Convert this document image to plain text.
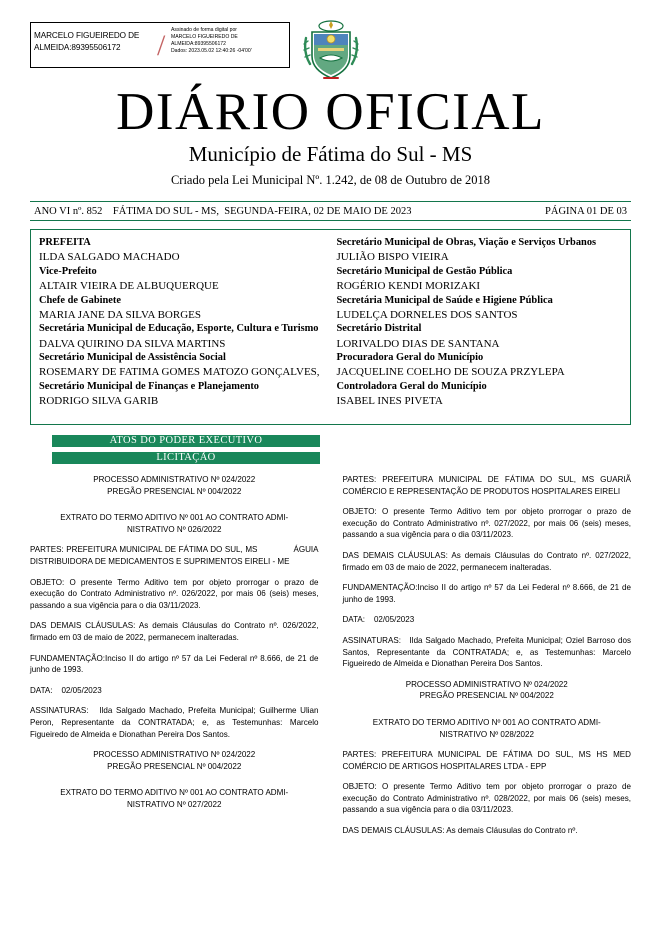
MARCELO FIGUEIREDO DE ALMEIDA:89395506172	/	Assinado de forma digital por
MARCELO FIGUEIREDO DE
ALMEIDA:89395506172
Dados: 2023.05.02 12:40:26 -04'00'
DIÁRIO OFICIAL
Município de Fátima do Sul - MS
Criado pela Lei Municipal Nº. 1.242, de 08 de Outubro de 2018
ANO VI nº. 852    FÁTIMA DO SUL - MS,  SEGUNDA-FEIRA, 02 DE MAIO DE 2023	PÁGINA 01 DE 03
PREFEITA
ILDA SALGADO MACHADO
Vice-Prefeito
ALTAIR VIEIRA DE ALBUQUERQUE
Chefe de Gabinete
MARIA JANE DA SILVA BORGES
Secretária Municipal de Educação, Esporte, Cultura e Turismo
DALVA QUIRINO DA SILVA MARTINS
Secretário Municipal de Assistência Social
ROSEMARY DE FATIMA GOMES MATOZO GONÇALVES,
Secretário Municipal de Finanças e Planejamento
RODRIGO SILVA GARIB
Secretário Municipal de Obras, Viação e Serviços Urbanos
JULIÃO BISPO VIEIRA
Secretário Municipal de Gestão Pública
ROGÉRIO KENDI MORIZAKI
Secretária Municipal de Saúde e Higiene Pública
LUDELÇA DORNELES DOS SANTOS
Secretário Distrital
LORIVALDO DIAS DE SANTANA
Procuradora Geral do Município
JACQUELINE COELHO DE SOUZA PRZYLEPA
Controladora Geral do Município
ISABEL INES PIVETA
ATOS DO PODER EXECUTIVO
LICITAÇÃO
PROCESSO ADMINISTRATIVO Nº 024/2022
PREGÃO PRESENCIAL Nº 004/2022
EXTRATO DO TERMO ADITIVO Nº 001 AO CONTRATO ADMI-
NISTRATIVO Nº 026/2022
PARTES: PREFEITURA MUNICIPAL DE FÁTIMA DO SUL, MS              ÁGUIA DISTRIBUIDORA DE MEDICAMENTOS E SUPRIMENTOS EIRELI - ME
OBJETO: O presente Termo Aditivo tem por objeto prorrogar o prazo de execução do Contrato Administrativo nº. 026/2022, por mais 06 (seis) meses, passando a sua vigência para o dia 03/11/2023.
DAS DEMAIS CLÁUSULAS: As demais Cláusulas do Contrato nº. 026/2022, firmado em 03 de maio de 2022, permanecem inalteradas.
FUNDAMENTAÇÃO:Inciso II do artigo nº 57 da Lei Federal nº 8.666, de 21 de junho de 1993.
DATA:    02/05/2023
ASSINATURAS:   Ilda Salgado Machado, Prefeita Municipal; Guilherme Ulian Peron, Representante da CONTRATADA; e, as Testemunhas: Marcelo Figueiredo de Almeida e Dionathan Pereira Dos Santos.
PROCESSO ADMINISTRATIVO Nº 024/2022
PREGÃO PRESENCIAL Nº 004/2022
EXTRATO DO TERMO ADITIVO Nº 001 AO CONTRATO ADMI-
NISTRATIVO Nº 027/2022
PARTES: PREFEITURA MUNICIPAL DE FÁTIMA DO SUL, MS GUARIÃ COMÉRCIO E REPRESENTAÇÃO DE PRODUTOS HOSPITALARES EIRELI
OBJETO: O presente Termo Aditivo tem por objeto prorrogar o prazo de execução do Contrato Administrativo nº. 027/2022, por mais 06 (seis) meses, passando a sua vigência para o dia 03/11/2023.
DAS DEMAIS CLÁUSULAS: As demais Cláusulas do Contrato nº. 027/2022, firmado em 03 de maio de 2022, permanecem inalteradas.
FUNDAMENTAÇÃO:Inciso II do artigo nº 57 da Lei Federal nº 8.666, de 21 de junho de 1993.
DATA:    02/05/2023
ASSINATURAS:   Ilda Salgado Machado, Prefeita Municipal; Oziel Barroso dos Santos, Representante da CONTRATADA; e, as Testemunhas: Marcelo Figueiredo de Almeida e Dionathan Pereira Dos Santos.
PROCESSO ADMINISTRATIVO Nº 024/2022
PREGÃO PRESENCIAL Nº 004/2022
EXTRATO DO TERMO ADITIVO Nº 001 AO CONTRATO ADMI-
NISTRATIVO Nº 028/2022
PARTES: PREFEITURA MUNICIPAL DE FÁTIMA DO SUL, MS HS MED COMÉRCIO DE ARTIGOS HOSPITALARES LTDA - EPP
OBJETO: O presente Termo Aditivo tem por objeto prorrogar o prazo de execução do Contrato Administrativo nº. 028/2022, por mais 06 (seis) meses, passando a sua vigência para o dia 03/11/2023.
DAS DEMAIS CLÁUSULAS: As demais Cláusulas do Contrato nº.
